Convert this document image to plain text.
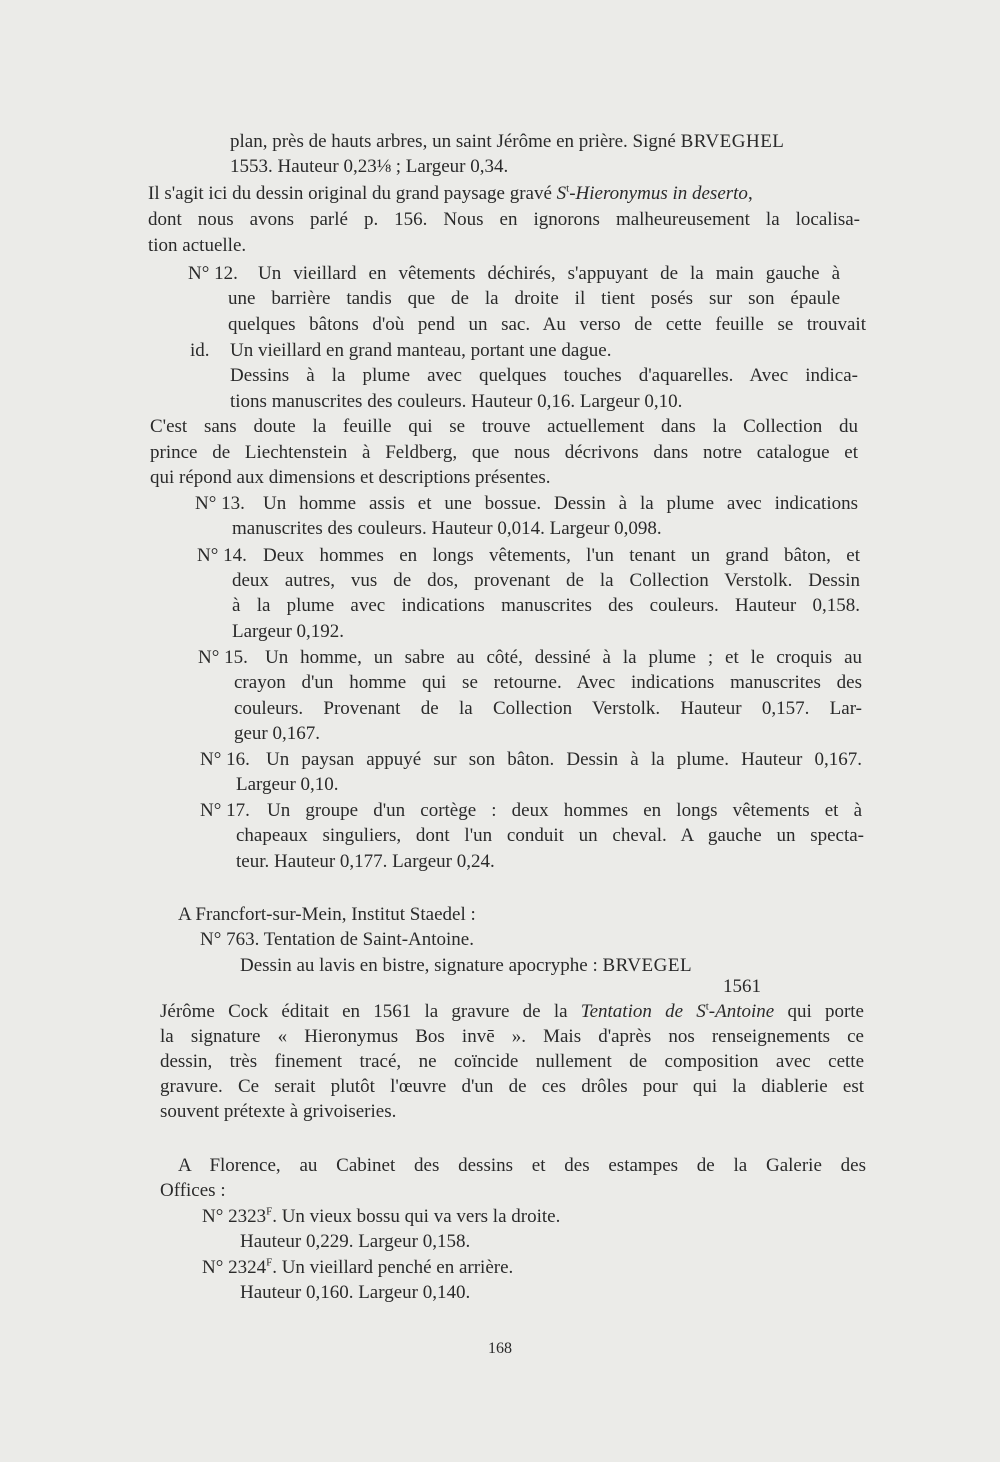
plan, près de hauts arbres, un saint Jérôme en prière. Signé BRVEGHEL
1553. Hauteur 0,23⅛ ; Largeur 0,34.
Il s'agit ici du dessin original du grand paysage gravé $S^t$-Hieronymus in deserto,
dont nous avons parlé p. 156. Nous en ignorons malheureusement la localisa-
tion actuelle.
N° 12. Un vieillard en vêtements déchirés, s'appuyant de la main gauche à
une barrière tandis que de la droite il tient posés sur son épaule
quelques bâtons d'où pend un sac. Au verso de cette feuille se trouvait
id. Un vieillard en grand manteau, portant une dague.
Dessins à la plume avec quelques touches d'aquarelles. Avec indica-
tions manuscrites des couleurs. Hauteur 0,16. Largeur 0,10.
C'est sans doute la feuille qui se trouve actuellement dans la Collection du
prince de Liechtenstein à Feldberg, que nous décrivons dans notre catalogue et
qui répond aux dimensions et descriptions présentes.
N° 13. Un homme assis et une bossue. Dessin à la plume avec indications
manuscrites des couleurs. Hauteur 0,014. Largeur 0,098.
N° 14. Deux hommes en longs vêtements, l'un tenant un grand bâton, et
deux autres, vus de dos, provenant de la Collection Verstolk. Dessin
à la plume avec indications manuscrites des couleurs. Hauteur 0,158.
Largeur 0,192.
N° 15. Un homme, un sabre au côté, dessiné à la plume ; et le croquis au
crayon d'un homme qui se retourne. Avec indications manuscrites des
couleurs. Provenant de la Collection Verstolk. Hauteur 0,157. Lar-
geur 0,167.
N° 16. Un paysan appuyé sur son bâton. Dessin à la plume. Hauteur 0,167.
Largeur 0,10.
N° 17. Un groupe d'un cortège : deux hommes en longs vêtements et à
chapeaux singuliers, dont l'un conduit un cheval. A gauche un specta-
teur. Hauteur 0,177. Largeur 0,24.
A Francfort-sur-Mein, Institut Staedel :
N° 763. Tentation de Saint-Antoine.
Dessin au lavis en bistre, signature apocryphe : BRVEGEL
1561
Jérôme Cock éditait en 1561 la gravure de la Tentation de $S^t$-Antoine qui porte
la signature « Hieronymus Bos invē ». Mais d'après nos renseignements ce
dessin, très finement tracé, ne coïncide nullement de composition avec cette
gravure. Ce serait plutôt l'œuvre d'un de ces drôles pour qui la diablerie est
souvent prétexte à grivoiseries.
A Florence, au Cabinet des dessins et des estampes de la Galerie des
Offices :
N° $2323^F$. Un vieux bossu qui va vers la droite.
Hauteur 0,229. Largeur 0,158.
N° $2324^F$. Un vieillard penché en arrière.
Hauteur 0,160. Largeur 0,140.
168
